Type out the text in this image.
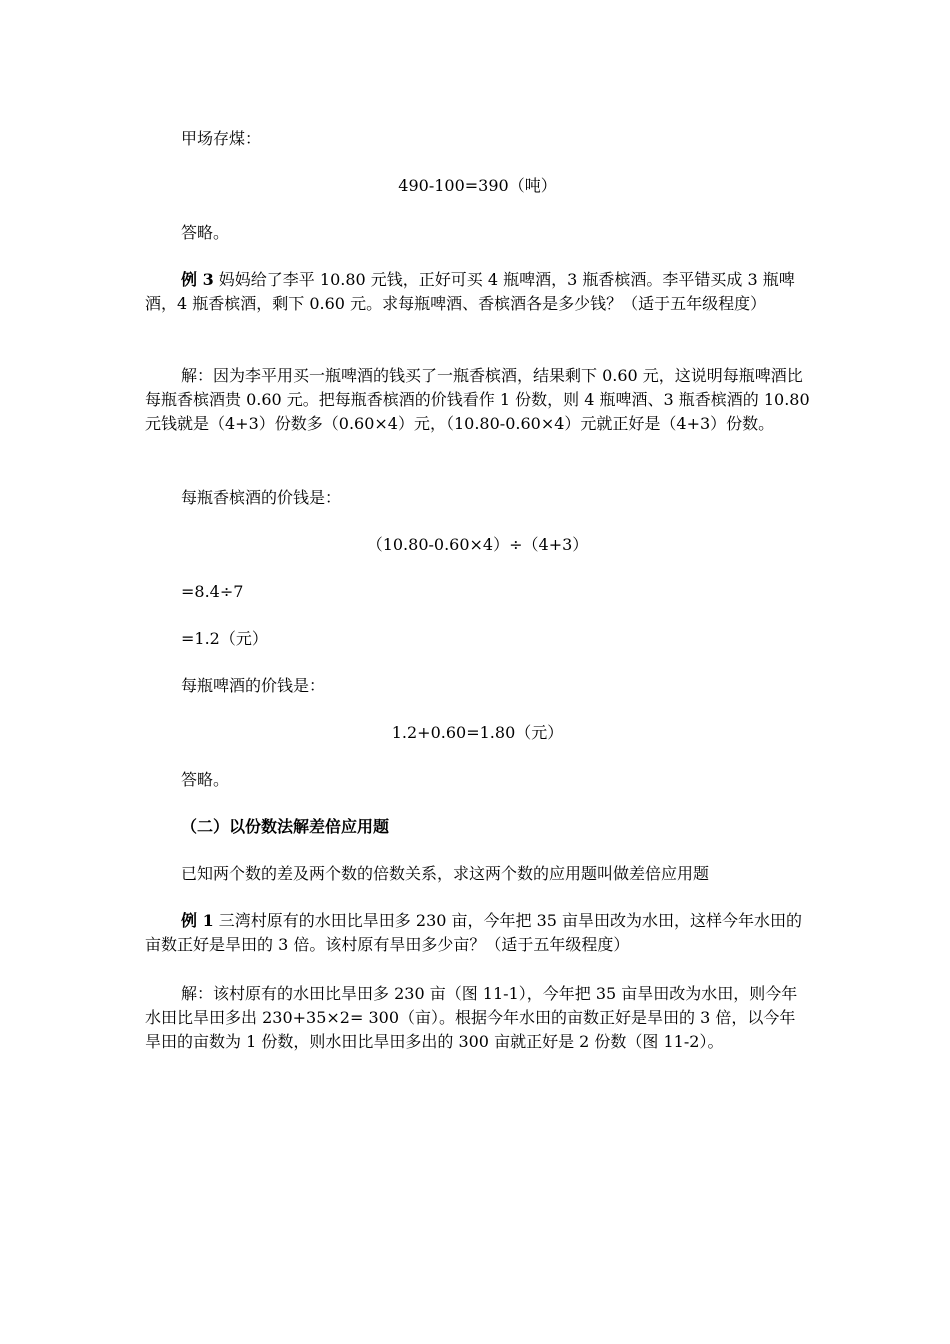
甲场存煤：

490-100=390（吨）

答略。

例 3 妈妈给了李平 10.80 元钱，正好可买 4 瓶啤酒，3 瓶香槟酒。李平错买成 3 瓶啤酒，4 瓶香槟酒，剩下 0.60 元。求每瓶啤酒、香槟酒各是多少钱？（适于五年级程度）

解：因为李平用买一瓶啤酒的钱买了一瓶香槟酒，结果剩下 0.60 元，这说明每瓶啤酒比每瓶香槟酒贵 0.60 元。把每瓶香槟酒的价钱看作 1 份数，则 4 瓶啤酒、3 瓶香槟酒的 10.80 元钱就是（4+3）份数多（0.60×4）元，（10.80-0.60×4）元就正好是（4+3）份数。

每瓶香槟酒的价钱是：

（10.80-0.60×4）÷（4+3）

=8.4÷7

=1.2（元）

每瓶啤酒的价钱是：

1.2+0.60=1.80（元）

答略。

（二）以份数法解差倍应用题

已知两个数的差及两个数的倍数关系，求这两个数的应用题叫做差倍应用题

例 1 三湾村原有的水田比旱田多 230 亩，今年把 35 亩旱田改为水田，这样今年水田的亩数正好是旱田的 3 倍。该村原有旱田多少亩？（适于五年级程度）

解：该村原有的水田比旱田多 230 亩（图 11-1），今年把 35 亩旱田改为水田，则今年水田比旱田多出 230+35×2= 300（亩）。根据今年水田的亩数正好是旱田的 3 倍，以今年旱田的亩数为 1 份数，则水田比旱田多出的 300 亩就正好是 2 份数（图 11-2）。
